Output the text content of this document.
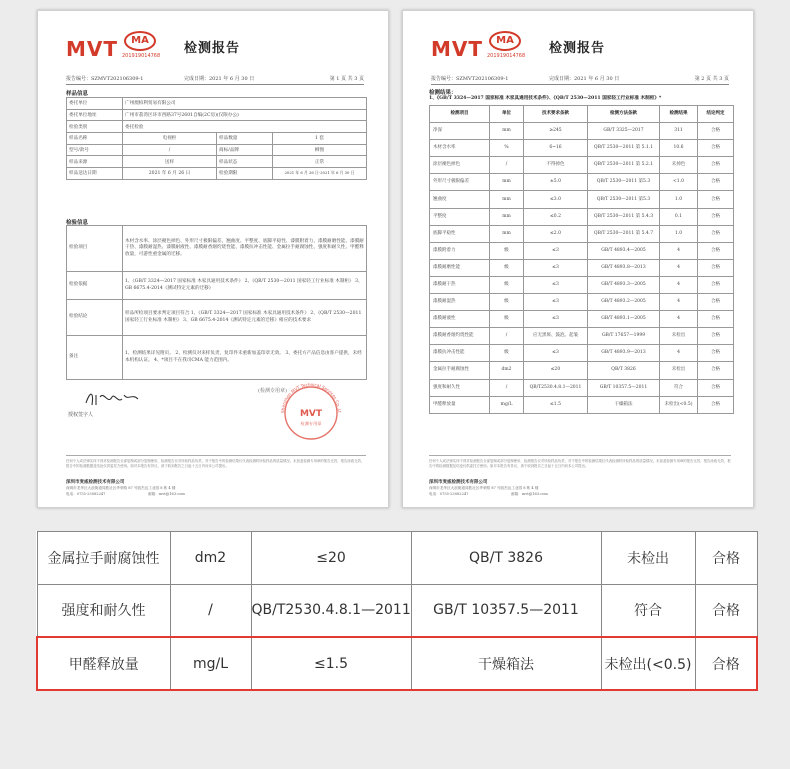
MVT	MA
201919014768 检测报告
报告编号：SZMVT202106309-1	完成日期：2021 年 6 月 30 日	第 1 页 共 3 页
样品信息
委托单位	广州澳柏利贸易有限公司		
委托单位地址	广州市荔湾区环市西路37号2601自编(2C房)(仅限办公)		
检验类别	委托检验		
样品名称	电视柜	样品数量	1 套
型号/款号	/	商标/品牌	柳图
样品来源	送样	样品状态	正常
样品送达日期	2021 年 6 月 26 日	检验期限	2021 年 6 月 26 日-2021 年 6 月 30 日
检验信息
检验项目	木材含水率、涂层褪色掉色、外形尺寸极限偏差、翘曲度、平整度、底脚平稳性、漆膜附着力、漆膜耐磨性能、漆膜耐干热、漆膜耐湿热、漆膜耐液性、漆膜耐香烟灼烧性能、漆膜抗冲击性能、金属拉手耐腐蚀性、强度和耐久性、甲醛释放量，可游性重金属的迁移。
检验依据	1、《GB/T 3324—2017 国家标准 木家具通用技术条件》 2、《QB/T 2530—2011 国家轻工行业标准 木制柜》 3、GB 6675.4-2014《测试特定元素的迁移》
检验结论	样品所检项目要求判定项目符合 1、《GB/T 3324—2017 国家标准 木家具通用技术条件》 2、《QB/T 2530—2011 国家轻工行业标准 木制柜》 3、GB 6675.4-2014《测试特定元素的迁移》相应的技术要求
备注	1、检测结果详见附页。 2、检测仅对来样负责，复印件未重新加盖印章无效。 3、委托方产品信息由客户提供，未经本机构认证。 4、*项目不在我司CMA 能力范围内。
授权签字人
(检测专用章)
Shenzhen MVT Technical Services Co.,Lt
MVT
检测专用章
任何个人或法律实体不得对检测报告全部复制或部分复制使用，检测报告仅对所检样品负责，对于报告中的检测结果仅代表检测时所检样品的质量情况。未加盖检测专用章的报告无效，报告涂改无效，报告中的检测数据及结论仅供委托方使用。如对本报告有异议，请于收到报告之日起十五日内向本公司提出。
深圳市麦威检测技术有限公司
深圳市龙华区大浪街道同胜社区华荣路 87 号凯杰达工业园 8 栋 4 楼
电话：0755-23082247	邮箱：mvt@163.com
MVT	MA
201919014768 检测报告
报告编号：SZMVT202106309-1	完成日期：2021 年 6 月 30 日	第 2 页 共 3 页
检测结果：
1、《GB/T 3324—2017 国家标准 木家具通用技术条件》、《QB/T 2530—2011 国家轻工行业标准 木制柜》*
检测项目	单位	技术要求条款	检测方法条款	检测结果	结论判定
净深	mm	≥245	GB/T 3325—2017	311	合格
木材含水率	%	6~16	QB/T 2530—2011 第 5.1.1	10.6	合格
涂层褪色掉色	/	不得掉色	QB/T 2530—2011 第 5.2.1	未掉色	合格
外形尺寸极限偏差	mm	±5.0	QB/T 2530—2011 第5.3	<1.0	合格
翘曲度	mm	≤3.0	QB/T 2530—2011 第5.3	1.0	合格
平整度	mm	≤0.2	QB/T 2530—2011 第 5.4.3	0.1	合格
底脚平稳性	mm	≤2.0	QB/T 2530—2011 第 5.4.7	1.0	合格
漆膜附着力	级	≤3	GB/T 4893.4—2005	4	合格
漆膜耐磨性能	级	≤3	GB/T 4893.8—2013	4	合格
漆膜耐干热	级	≤3	GB/T 4893.3—2005	4	合格
漆膜耐湿热	级	≤3	GB/T 4893.2—2005	4	合格
漆膜耐液性	级	≤3	GB/T 4893.1—2005	4	合格
漆膜耐香烟灼烧性能	/	应无黑斑、鼓泡、起皱	GB/T 17657—1999	未检出	合格
漆膜抗冲击性能	级	≤3	GB/T 4893.9—2013	4	合格
金属拉手耐腐蚀性	dm2	≤20	QB/T 3826	未检出	合格
强度和耐久性	/	QB/T2530.4.8.1—2011	GB/T 10357.5—2011	符合	合格
甲醛释放量	mg/L	≤1.5	干燥箱法	未检出(<0.5)	合格
任何个人或法律实体不得对检测报告全部复制或部分复制使用，检测报告仅对所检样品负责，对于报告中的检测结果仅代表检测时所检样品的质量情况。未加盖检测专用章的报告无效，报告涂改无效，报告中的检测数据及结论仅供委托方使用。如对本报告有异议，请于收到报告之日起十五日内向本公司提出。
深圳市麦威检测技术有限公司
深圳市龙华区大浪街道同胜社区华荣路 87 号凯杰达工业园 8 栋 4 楼
电话：0755-23082247	邮箱：mvt@163.com
金属拉手耐腐蚀性	dm2	≤20	QB/T 3826	未检出	合格
强度和耐久性	/	QB/T2530.4.8.1—2011	GB/T 10357.5—2011	符合	合格
甲醛释放量	mg/L	≤1.5	干燥箱法	未检出(<0.5)	合格
